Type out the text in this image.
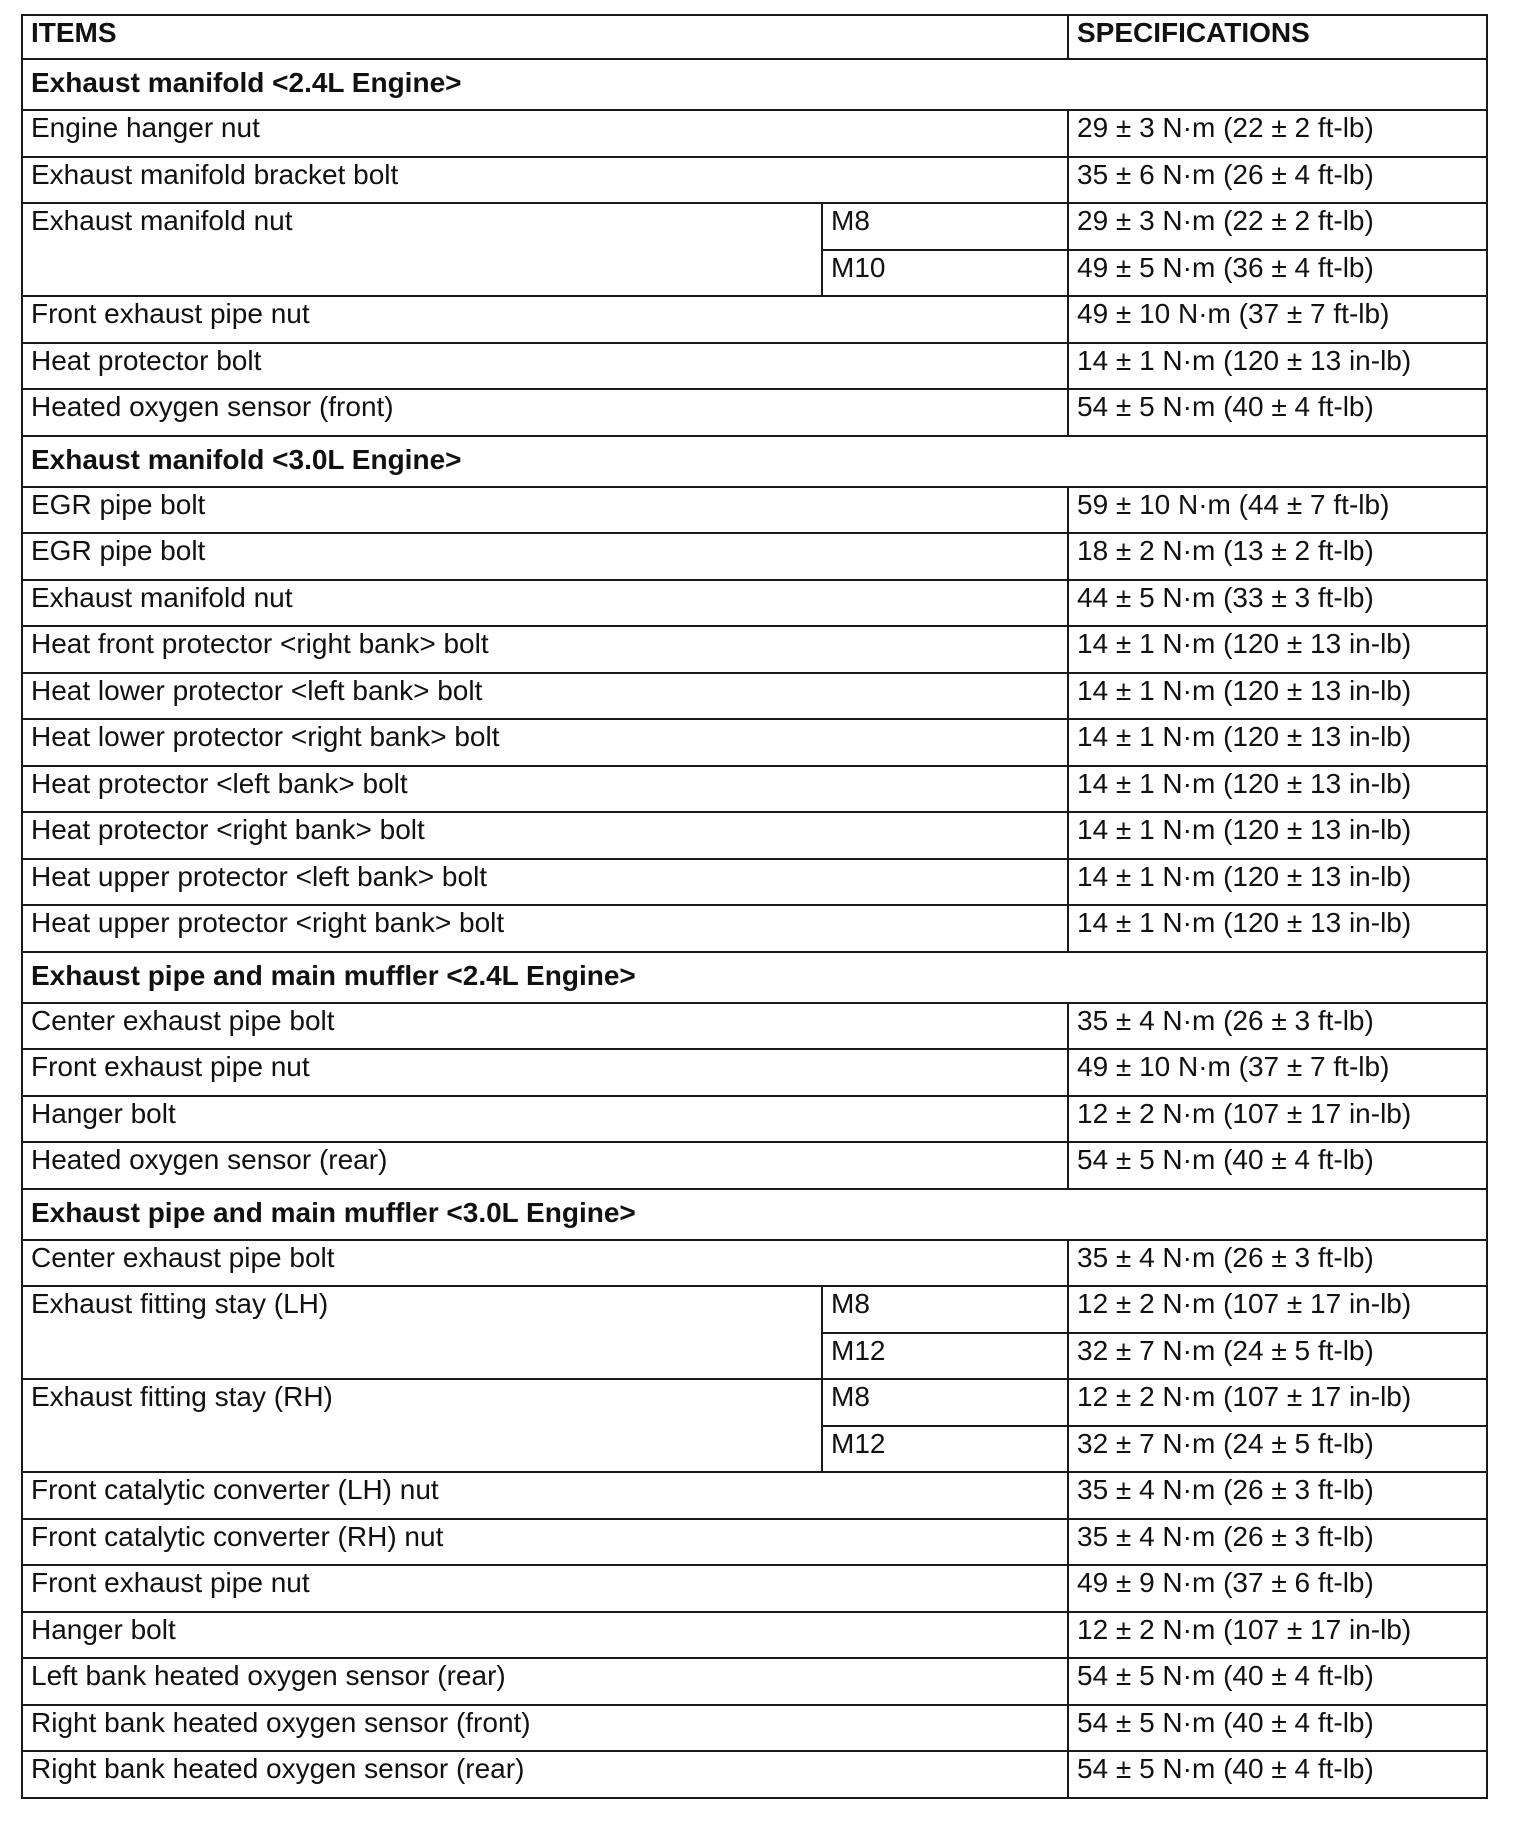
ITEMS		SPECIFICATIONS
Exhaust manifold <2.4L Engine>		
Engine hanger nut		29 ± 3 N·m (22 ± 2 ft-lb)
Exhaust manifold bracket bolt		35 ± 6 N·m (26 ± 4 ft-lb)
Exhaust manifold nut	M8	29 ± 3 N·m (22 ± 2 ft-lb)
	M10	49 ± 5 N·m (36 ± 4 ft-lb)
Front exhaust pipe nut		49 ± 10 N·m (37 ± 7 ft-lb)
Heat protector bolt		14 ± 1 N·m (120 ± 13 in-lb)
Heated oxygen sensor (front)		54 ± 5 N·m (40 ± 4 ft-lb)
Exhaust manifold <3.0L Engine>		
EGR pipe bolt		59 ± 10 N·m (44 ± 7 ft-lb)
EGR pipe bolt		18 ± 2 N·m (13 ± 2 ft-lb)
Exhaust manifold nut		44 ± 5 N·m (33 ± 3 ft-lb)
Heat front protector <right bank> bolt		14 ± 1 N·m (120 ± 13 in-lb)
Heat lower protector <left bank> bolt		14 ± 1 N·m (120 ± 13 in-lb)
Heat lower protector <right bank> bolt		14 ± 1 N·m (120 ± 13 in-lb)
Heat protector <left bank> bolt		14 ± 1 N·m (120 ± 13 in-lb)
Heat protector <right bank> bolt		14 ± 1 N·m (120 ± 13 in-lb)
Heat upper protector <left bank> bolt		14 ± 1 N·m (120 ± 13 in-lb)
Heat upper protector <right bank> bolt		14 ± 1 N·m (120 ± 13 in-lb)
Exhaust pipe and main muffler <2.4L Engine>		
Center exhaust pipe bolt		35 ± 4 N·m (26 ± 3 ft-lb)
Front exhaust pipe nut		49 ± 10 N·m (37 ± 7 ft-lb)
Hanger bolt		12 ± 2 N·m (107 ± 17 in-lb)
Heated oxygen sensor (rear)		54 ± 5 N·m (40 ± 4 ft-lb)
Exhaust pipe and main muffler <3.0L Engine>		
Center exhaust pipe bolt		35 ± 4 N·m (26 ± 3 ft-lb)
Exhaust fitting stay (LH)	M8	12 ± 2 N·m (107 ± 17 in-lb)
	M12	32 ± 7 N·m (24 ± 5 ft-lb)
Exhaust fitting stay (RH)	M8	12 ± 2 N·m (107 ± 17 in-lb)
	M12	32 ± 7 N·m (24 ± 5 ft-lb)
Front catalytic converter (LH) nut		35 ± 4 N·m (26 ± 3 ft-lb)
Front catalytic converter (RH) nut		35 ± 4 N·m (26 ± 3 ft-lb)
Front exhaust pipe nut		49 ± 9 N·m (37 ± 6 ft-lb)
Hanger bolt		12 ± 2 N·m (107 ± 17 in-lb)
Left bank heated oxygen sensor (rear)		54 ± 5 N·m (40 ± 4 ft-lb)
Right bank heated oxygen sensor (front)		54 ± 5 N·m (40 ± 4 ft-lb)
Right bank heated oxygen sensor (rear)		54 ± 5 N·m (40 ± 4 ft-lb)
